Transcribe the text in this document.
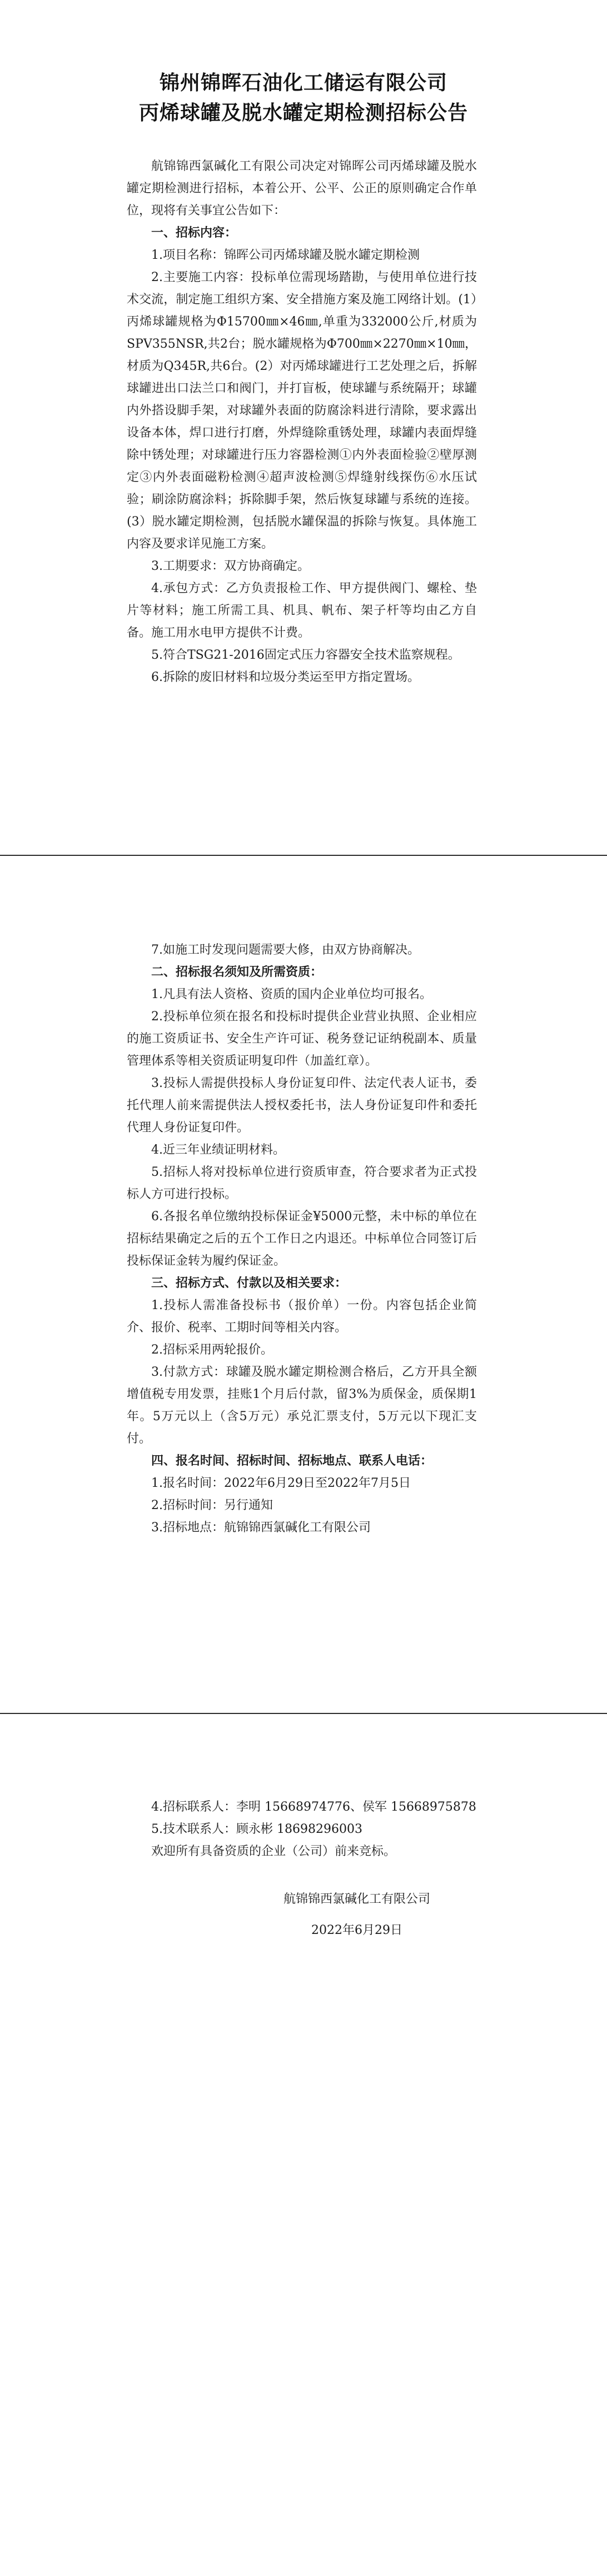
锦州锦晖石油化工储运有限公司
丙烯球罐及脱水罐定期检测招标公告

航锦锦西氯碱化工有限公司决定对锦晖公司丙烯球罐及脱水罐定期检测进行招标，本着公开、公平、公正的原则确定合作单位，现将有关事宜公告如下：

一、招标内容：

1.项目名称：锦晖公司丙烯球罐及脱水罐定期检测

2.主要施工内容：投标单位需现场踏勘，与使用单位进行技术交流，制定施工组织方案、安全措施方案及施工网络计划。(1）丙烯球罐规格为Φ15700㎜×46㎜,单重为332000公斤,材质为SPV355NSR,共2台；脱水罐规格为Φ700㎜×2270㎜×10㎜，材质为Q345R,共6台。(2）对丙烯球罐进行工艺处理之后，拆解球罐进出口法兰口和阀门，并打盲板，使球罐与系统隔开；球罐内外搭设脚手架，对球罐外表面的防腐涂料进行清除，要求露出设备本体，焊口进行打磨，外焊缝除重锈处理，球罐内表面焊缝除中锈处理；对球罐进行压力容器检测①内外表面检验②壁厚测定③内外表面磁粉检测④超声波检测⑤焊缝射线探伤⑥水压试验；刷涂防腐涂料；拆除脚手架，然后恢复球罐与系统的连接。(3）脱水罐定期检测，包括脱水罐保温的拆除与恢复。具体施工内容及要求详见施工方案。

3.工期要求：双方协商确定。

4.承包方式：乙方负责报检工作、甲方提供阀门、螺栓、垫片等材料；施工所需工具、机具、帆布、架子杆等均由乙方自备。施工用水电甲方提供不计费。

5.符合TSG21-2016固定式压力容器安全技术监察规程。

6.拆除的废旧材料和垃圾分类运至甲方指定置场。

7.如施工时发现问题需要大修，由双方协商解决。

二、招标报名须知及所需资质：

1.凡具有法人资格、资质的国内企业单位均可报名。

2.投标单位须在报名和投标时提供企业营业执照、企业相应的施工资质证书、安全生产许可证、税务登记证纳税副本、质量管理体系等相关资质证明复印件（加盖红章）。

3.投标人需提供投标人身份证复印件、法定代表人证书，委托代理人前来需提供法人授权委托书，法人身份证复印件和委托代理人身份证复印件。

4.近三年业绩证明材料。

5.招标人将对投标单位进行资质审查，符合要求者为正式投标人方可进行投标。

6.各报名单位缴纳投标保证金¥5000元整，未中标的单位在招标结果确定之后的五个工作日之内退还。中标单位合同签订后投标保证金转为履约保证金。

三、招标方式、付款以及相关要求：

1.投标人需准备投标书（报价单）一份。内容包括企业简介、报价、税率、工期时间等相关内容。

2.招标采用两轮报价。

3.付款方式：球罐及脱水罐定期检测合格后，乙方开具全额增值税专用发票，挂账1个月后付款，留3%为质保金，质保期1年。5万元以上（含5万元）承兑汇票支付，5万元以下现汇支付。

四、报名时间、招标时间、招标地点、联系人电话：

1.报名时间：2022年6月29日至2022年7月5日

2.招标时间：另行通知

3.招标地点：航锦锦西氯碱化工有限公司

4.招标联系人：李明 15668974776、侯军 15668975878

5.技术联系人：顾永彬 18698296003

欢迎所有具备资质的企业（公司）前来竞标。

航锦锦西氯碱化工有限公司
2022年6月29日
